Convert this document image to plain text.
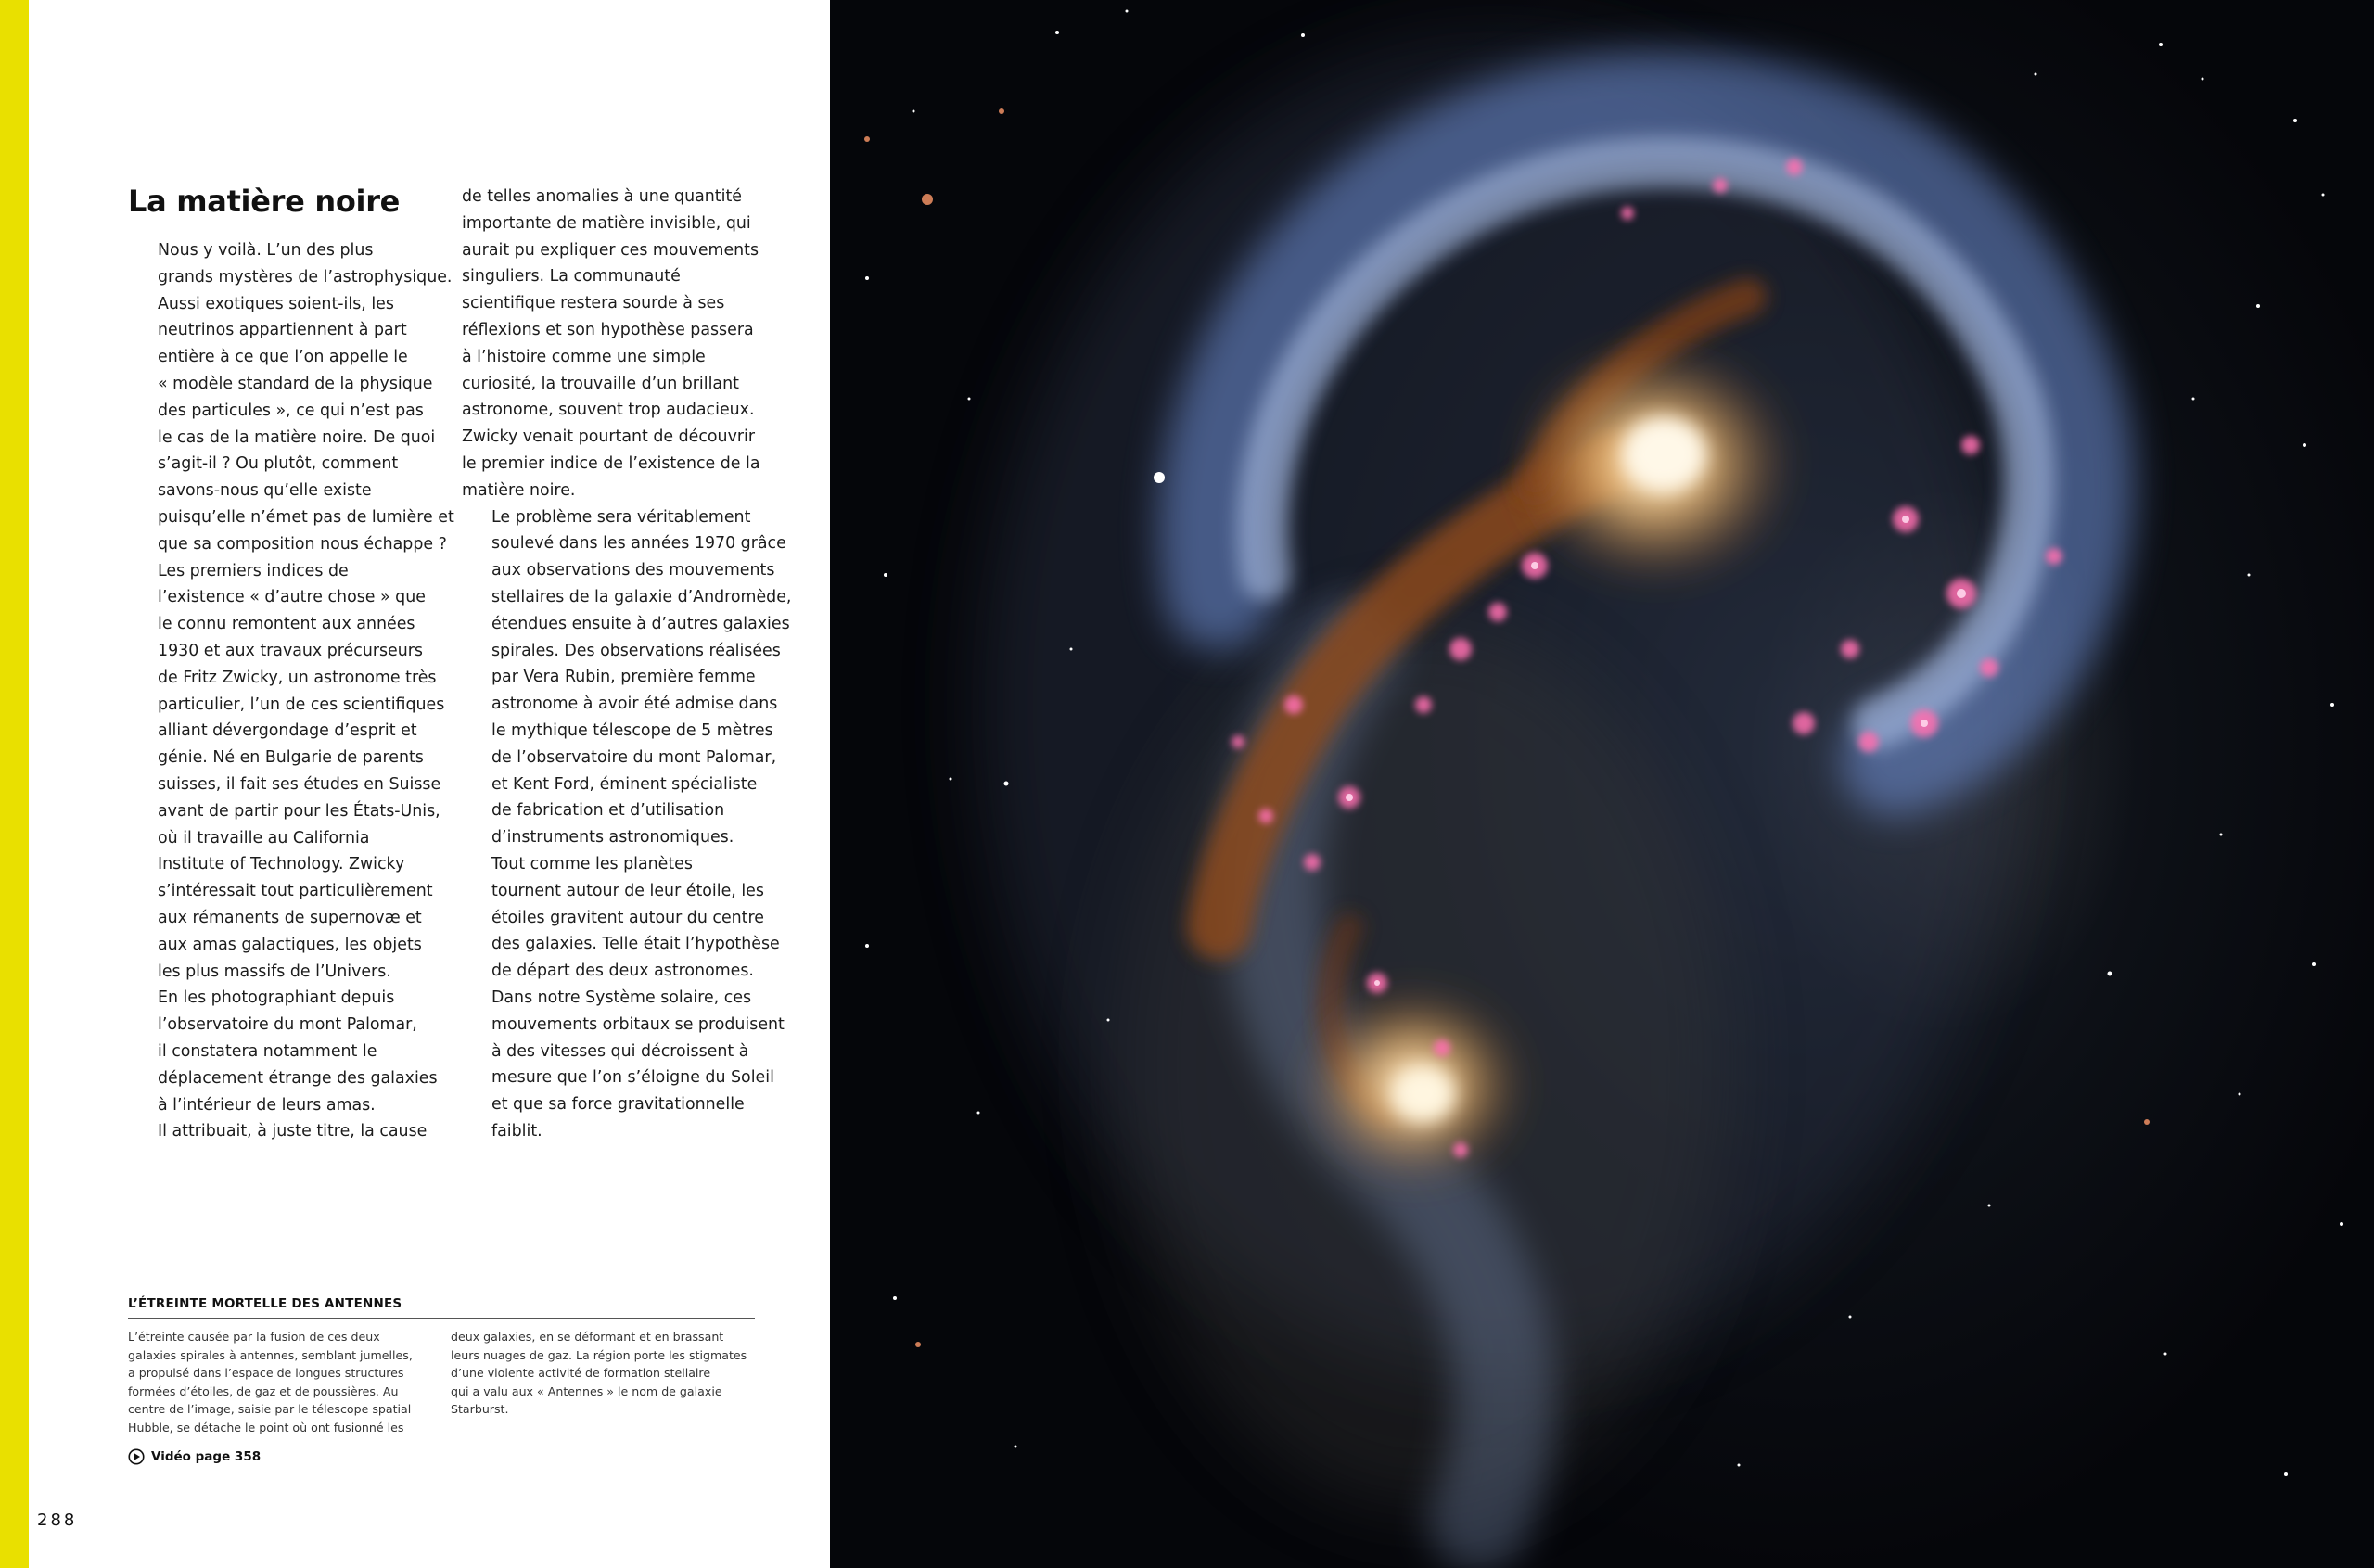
La matière noire

Nous y voilà. L’un des plus
grands mystères de l’astrophysique.
Aussi exotiques soient-ils, les
neutrinos appartiennent à part
entière à ce que l’on appelle le
« modèle standard de la physique
des particules », ce qui n’est pas
le cas de la matière noire. De quoi
s’agit-il ? Ou plutôt, comment
savons-nous qu’elle existe
puisqu’elle n’émet pas de lumière et
que sa composition nous échappe ?

Les premiers indices de
l’existence « d’autre chose » que
le connu remontent aux années
1930 et aux travaux précurseurs
de Fritz Zwicky, un astronome très
particulier, l’un de ces scientifiques
alliant dévergondage d’esprit et
génie. Né en Bulgarie de parents
suisses, il fait ses études en Suisse
avant de partir pour les États-Unis,
où il travaille au California
Institute of Technology. Zwicky
s’intéressait tout particulièrement
aux rémanents de supernovæ et
aux amas galactiques, les objets
les plus massifs de l’Univers.
En les photographiant depuis
l’observatoire du mont Palomar,
il constatera notamment le
déplacement étrange des galaxies
à l’intérieur de leurs amas.
Il attribuait, à juste titre, la cause

de telles anomalies à une quantité
importante de matière invisible, qui
aurait pu expliquer ces mouvements
singuliers. La communauté
scientifique restera sourde à ses
réflexions et son hypothèse passera
à l’histoire comme une simple
curiosité, la trouvaille d’un brillant
astronome, souvent trop audacieux.
Zwicky venait pourtant de découvrir
le premier indice de l’existence de la
matière noire.

Le problème sera véritablement
soulevé dans les années 1970 grâce
aux observations des mouvements
stellaires de la galaxie d’Andromède,
étendues ensuite à d’autres galaxies
spirales. Des observations réalisées
par Vera Rubin, première femme
astronome à avoir été admise dans
le mythique télescope de 5 mètres
de l’observatoire du mont Palomar,
et Kent Ford, éminent spécialiste
de fabrication et d’utilisation
d’instruments astronomiques.

Tout comme les planètes
tournent autour de leur étoile, les
étoiles gravitent autour du centre
des galaxies. Telle était l’hypothèse
de départ des deux astronomes.
Dans notre Système solaire, ces
mouvements orbitaux se produisent
à des vitesses qui décroissent à
mesure que l’on s’éloigne du Soleil
et que sa force gravitationnelle
faiblit.

L’ÉTREINTE MORTELLE DES ANTENNES
L’étreinte causée par la fusion de ces deux
galaxies spirales à antennes, semblant jumelles,
a propulsé dans l’espace de longues structures
formées d’étoiles, de gaz et de poussières. Au
centre de l’image, saisie par le télescope spatial
Hubble, se détache le point où ont fusionné les
deux galaxies, en se déformant et en brassant
leurs nuages de gaz. La région porte les stigmates
d’une violente activité de formation stellaire
qui a valu aux « Antennes » le nom de galaxie
Starburst.
Vidéo page 358
288
